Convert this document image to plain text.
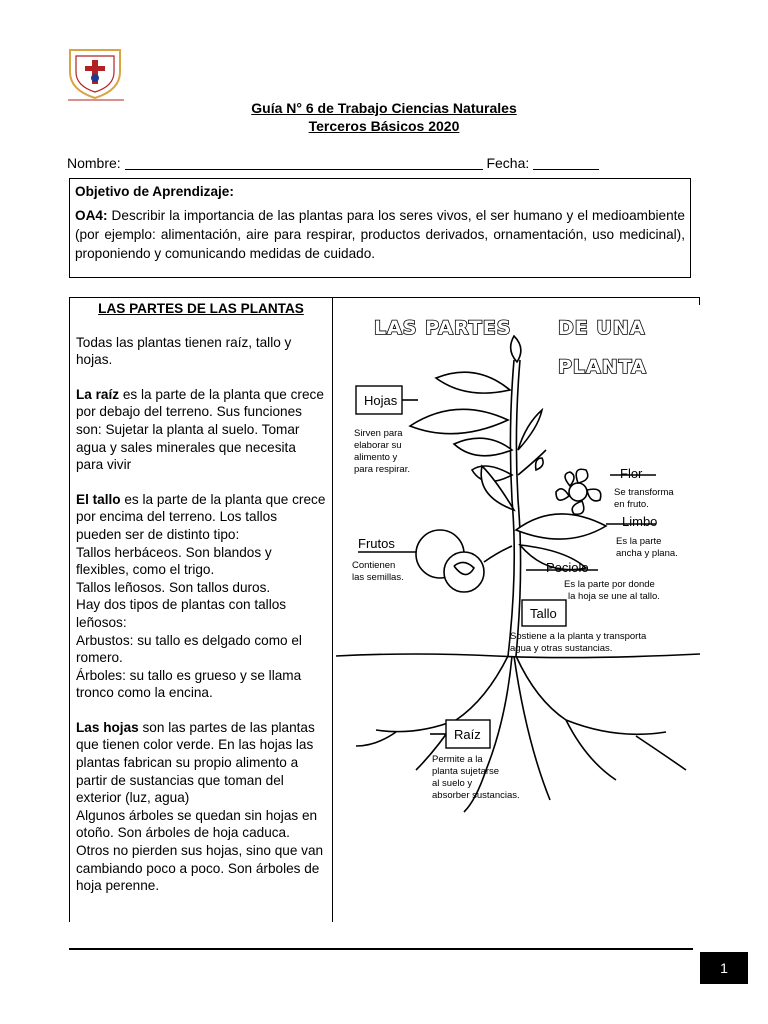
Guía N° 6 de Trabajo Ciencias Naturales
Terceros Básicos 2020
Nombre:	Fecha:
Objetivo de Aprendizaje:

OA4: Describir la importancia de las plantas para los seres vivos, el ser humano y el medioambiente (por ejemplo: alimentación, aire para respirar, productos derivados, ornamentación, uso medicinal), proponiendo y comunicando medidas de cuidado.

LAS PARTES DE LAS PLANTAS

Todas las plantas tienen raíz, tallo y hojas.

La raíz es la parte de la planta que crece por debajo del terreno. Sus funciones son: Sujetar la planta al suelo. Tomar agua y sales minerales que necesita para vivir

El tallo es la parte de la planta que crece por encima del terreno. Los tallos pueden ser de distinto tipo:
Tallos herbáceos. Son blandos y flexibles, como el trigo.
Tallos leñosos. Son tallos duros.
Hay dos tipos de plantas con tallos leñosos:
Arbustos: su tallo es delgado como el romero.
Árboles: su tallo es grueso y se llama tronco como la encina.

Las hojas son las partes de las plantas que tienen color verde. En las hojas las plantas fabrican su propio alimento a partir de sustancias que toman del exterior (luz, agua)
Algunos árboles se quedan sin hojas en otoño. Son árboles de hoja caduca. Otros no pierden sus hojas, sino que van cambiando poco a poco. Son árboles de hoja perenne.

LAS PARTES DE UNA
PLANTA
Hojas
Sirven para
elaborar su
alimento y
para respirar.	Flor
Se transforma
en fruto.
Limbo
Es la parte
ancha y plana.
Frutos
Contienen
las semillas.
Peciolo
Es la parte por donde
la hoja se une al tallo.
Tallo
Sostiene a la planta y transporta
agua y otras sustancias.
Raíz
Permite a la
planta sujetarse
al suelo y
absorber sustancias.
1
